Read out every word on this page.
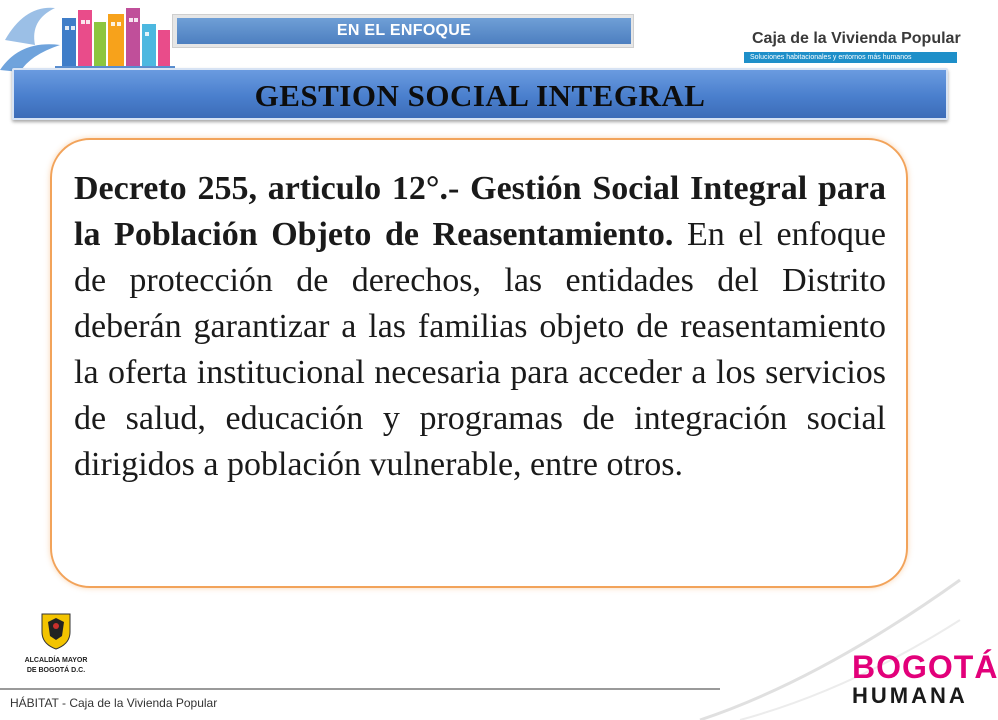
EN EL ENFOQUE	Caja de la Vivienda Popular
Soluciones habitacionales y entornos más humanos
GESTION SOCIAL INTEGRAL
Decreto 255, articulo 12°.- Gestión Social Integral para la Población Objeto de Reasentamiento. En el enfoque de protección de derechos, las entidades del Distrito deberán garantizar a las familias objeto de reasentamiento la oferta institucional necesaria para acceder a los servicios de salud, educación y programas de integración social dirigidos a población vulnerable, entre otros.
ALCALDÍA MAYOR
DE BOGOTÁ D.C.
HÁBITAT - Caja de la Vivienda Popular
BOGOTÁ
HUMANA
